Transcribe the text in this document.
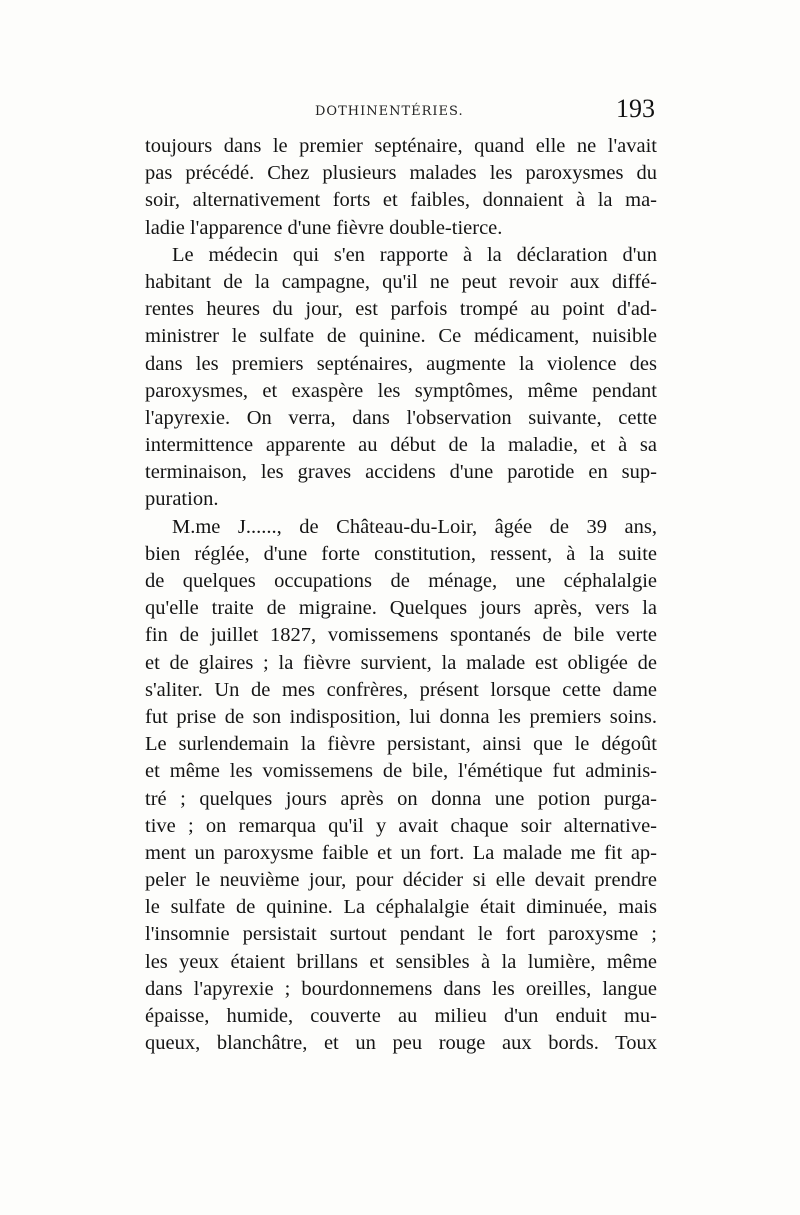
DOTHINENTÉRIES.	193
toujours dans le premier septénaire, quand elle ne l'avait
pas précédé. Chez plusieurs malades les paroxysmes du
soir, alternativement forts et faibles, donnaient à la ma-
ladie l'apparence d'une fièvre double-tierce.
Le médecin qui s'en rapporte à la déclaration d'un
habitant de la campagne, qu'il ne peut revoir aux diffé-
rentes heures du jour, est parfois trompé au point d'ad-
ministrer le sulfate de quinine. Ce médicament, nuisible
dans les premiers septénaires, augmente la violence des
paroxysmes, et exaspère les symptômes, même pendant
l'apyrexie. On verra, dans l'observation suivante, cette
intermittence apparente au début de la maladie, et à sa
terminaison, les graves accidens d'une parotide en sup-
puration.
M.me J......, de Château-du-Loir, âgée de 39 ans,
bien réglée, d'une forte constitution, ressent, à la suite
de quelques occupations de ménage, une céphalalgie
qu'elle traite de migraine. Quelques jours après, vers la
fin de juillet 1827, vomissemens spontanés de bile verte
et de glaires ; la fièvre survient, la malade est obligée de
s'aliter. Un de mes confrères, présent lorsque cette dame
fut prise de son indisposition, lui donna les premiers soins.
Le surlendemain la fièvre persistant, ainsi que le dégoût
et même les vomissemens de bile, l'émétique fut adminis-
tré ; quelques jours après on donna une potion purga-
tive ; on remarqua qu'il y avait chaque soir alternative-
ment un paroxysme faible et un fort. La malade me fit ap-
peler le neuvième jour, pour décider si elle devait prendre
le sulfate de quinine. La céphalalgie était diminuée, mais
l'insomnie persistait surtout pendant le fort paroxysme ;
les yeux étaient brillans et sensibles à la lumière, même
dans l'apyrexie ; bourdonnemens dans les oreilles, langue
épaisse, humide, couverte au milieu d'un enduit mu-
queux, blanchâtre, et un peu rouge aux bords. Toux
